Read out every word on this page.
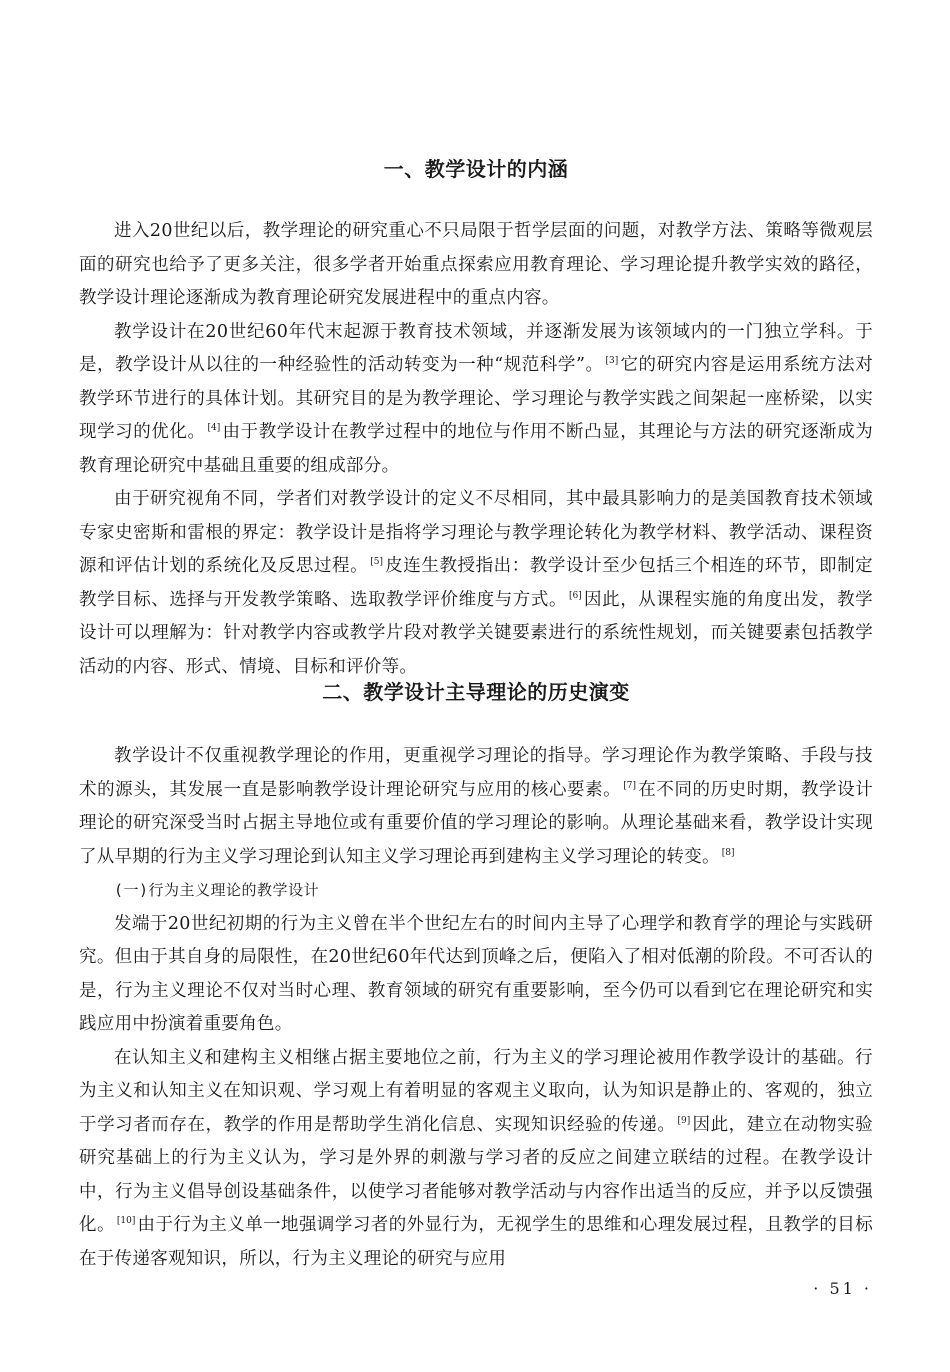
一、教学设计的内涵

进入20世纪以后，教学理论的研究重心不只局限于哲学层面的问题，对教学方法、策略等微观层面的研究也给予了更多关注，很多学者开始重点探索应用教育理论、学习理论提升教学实效的路径，教学设计理论逐渐成为教育理论研究发展进程中的重点内容。

教学设计在20世纪60年代末起源于教育技术领域，并逐渐发展为该领域内的一门独立学科。于是，教学设计从以往的一种经验性的活动转变为一种“规范科学”。 [3] 它的研究内容是运用系统方法对教学环节进行的具体计划。其研究目的是为教学理论、学习理论与教学实践之间架起一座桥梁，以实现学习的优化。 [4] 由于教学设计在教学过程中的地位与作用不断凸显，其理论与方法的研究逐渐成为教育理论研究中基础且重要的组成部分。

由于研究视角不同，学者们对教学设计的定义不尽相同，其中最具影响力的是美国教育技术领域专家史密斯和雷根的界定：教学设计是指将学习理论与教学理论转化为教学材料、教学活动、课程资源和评估计划的系统化及反思过程。 [5] 皮连生教授指出：教学设计至少包括三个相连的环节，即制定教学目标、选择与开发教学策略、选取教学评价维度与方式。 [6] 因此，从课程实施的角度出发，教学设计可以理解为：针对教学内容或教学片段对教学关键要素进行的系统性规划，而关键要素包括教学活动的内容、形式、情境、目标和评价等。

二、教学设计主导理论的历史演变

教学设计不仅重视教学理论的作用，更重视学习理论的指导。学习理论作为教学策略、手段与技术的源头，其发展一直是影响教学设计理论研究与应用的核心要素。 [7] 在不同的历史时期，教学设计理论的研究深受当时占据主导地位或有重要价值的学习理论的影响。从理论基础来看，教学设计实现了从早期的行为主义学习理论到认知主义学习理论再到建构主义学习理论的转变。 [8]

(一)行为主义理论的教学设计

发端于20世纪初期的行为主义曾在半个世纪左右的时间内主导了心理学和教育学的理论与实践研究。但由于其自身的局限性，在20世纪60年代达到顶峰之后，便陷入了相对低潮的阶段。不可否认的是，行为主义理论不仅对当时心理、教育领域的研究有重要影响，至今仍可以看到它在理论研究和实践应用中扮演着重要角色。

在认知主义和建构主义相继占据主要地位之前，行为主义的学习理论被用作教学设计的基础。行为主义和认知主义在知识观、学习观上有着明显的客观主义取向，认为知识是静止的、客观的，独立于学习者而存在，教学的作用是帮助学生消化信息、实现知识经验的传递。 [9] 因此，建立在动物实验研究基础上的行为主义认为，学习是外界的刺激与学习者的反应之间建立联结的过程。在教学设计中，行为主义倡导创设基础条件，以使学习者能够对教学活动与内容作出适当的反应，并予以反馈强化。 [10] 由于行为主义单一地强调学习者的外显行为，无视学生的思维和心理发展过程，且教学的目标在于传递客观知识，所以，行为主义理论的研究与应用

· 51 ·
